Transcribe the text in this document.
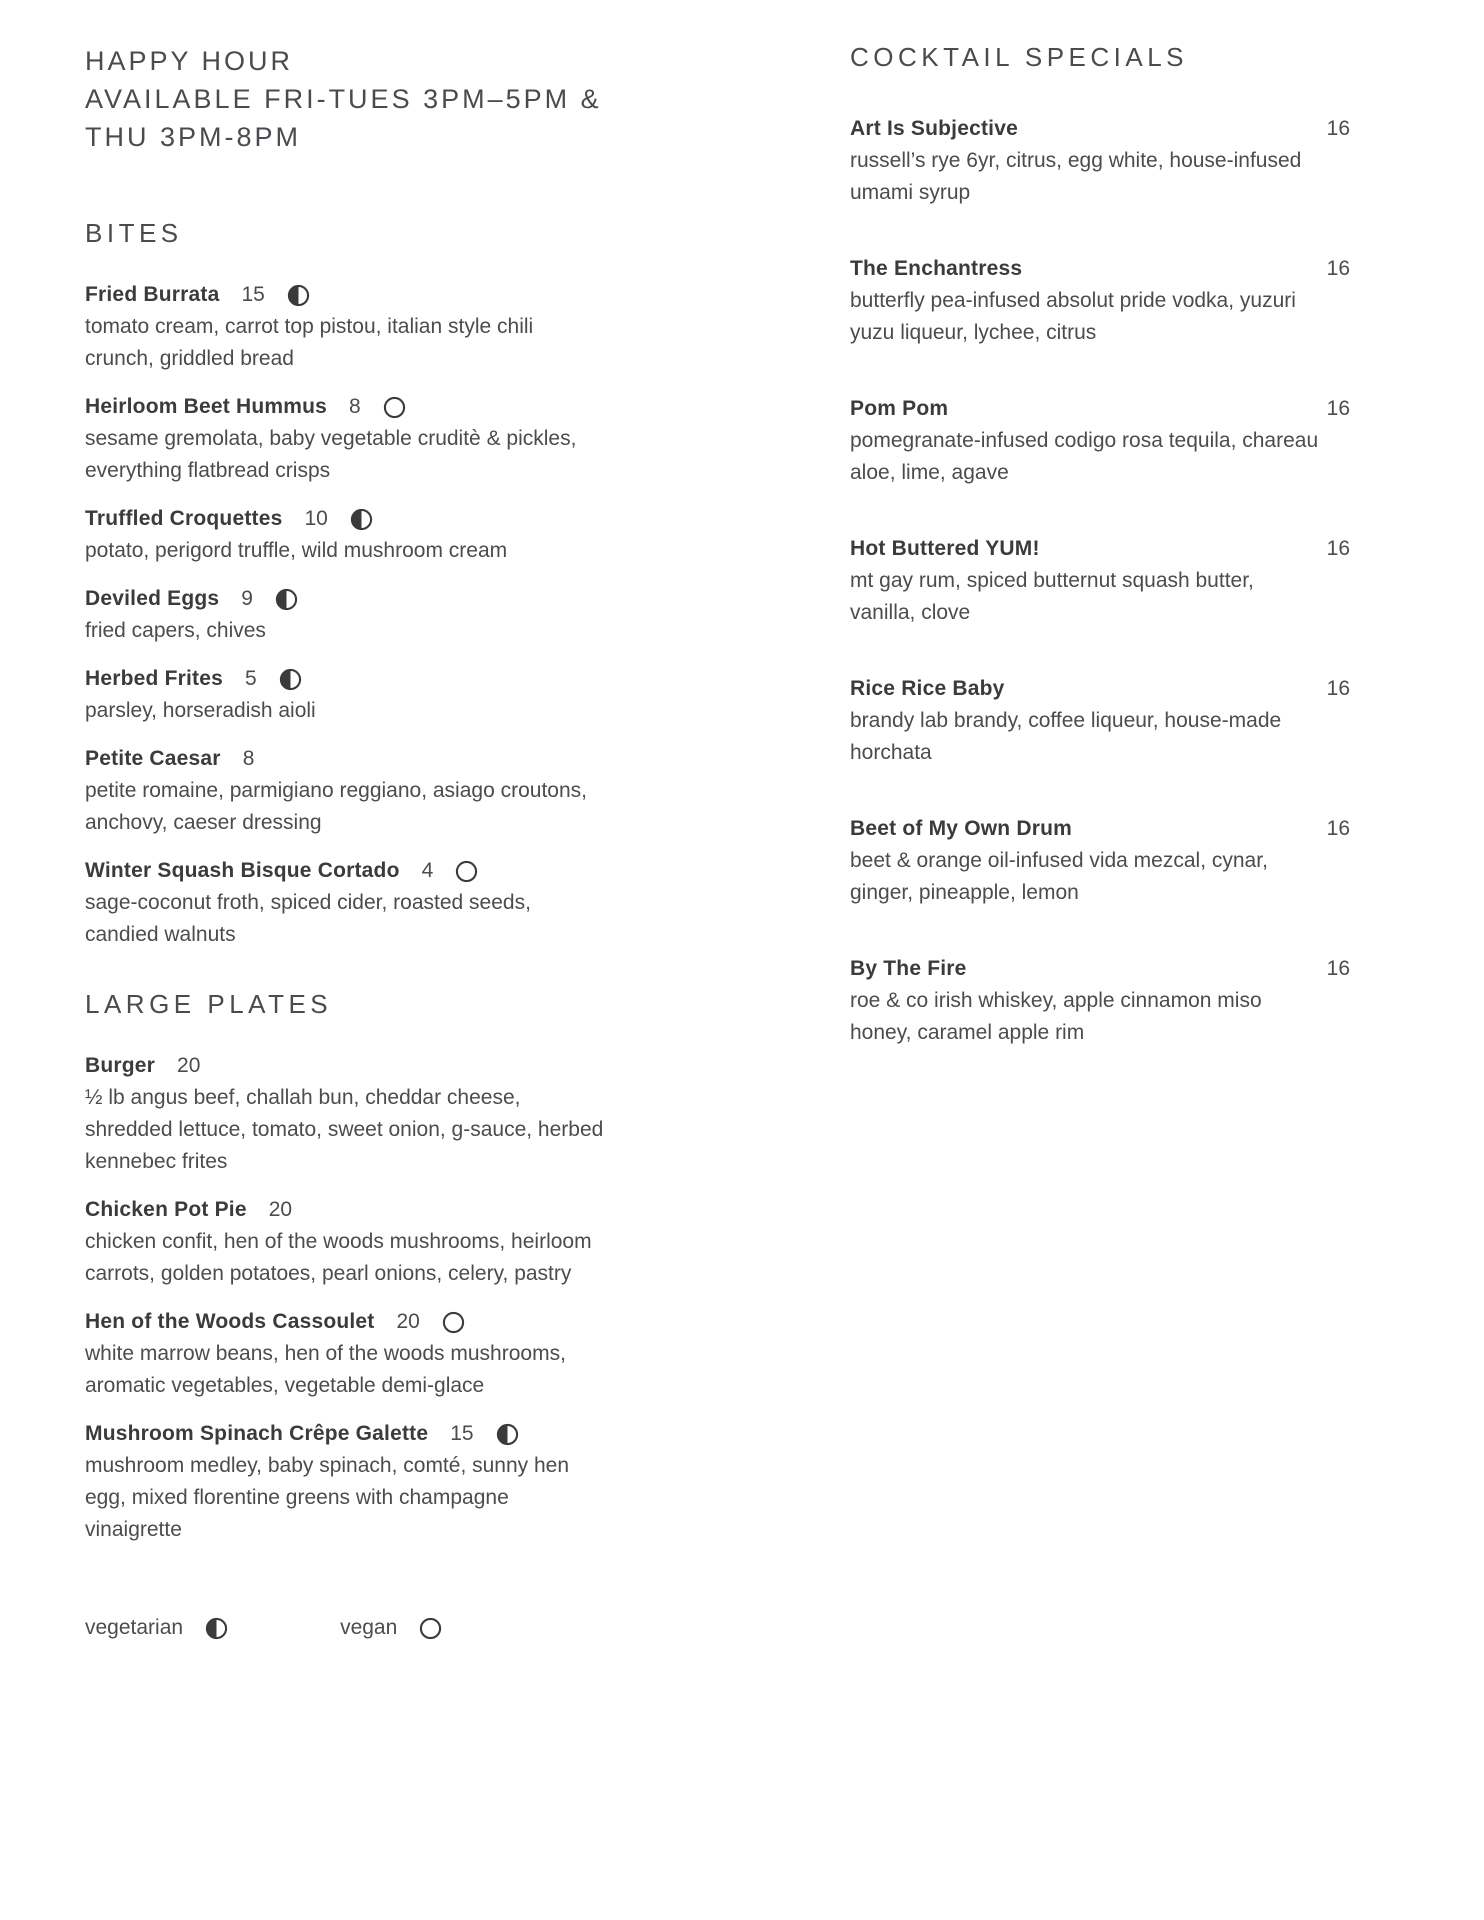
HAPPY HOUR
AVAILABLE FRI-TUES 3PM–5PM &
THU 3PM-8PM
BITES
Fried Burrata 15
tomato cream, carrot top pistou, italian style chili crunch, griddled bread
Heirloom Beet Hummus 8
sesame gremolata, baby vegetable cruditè & pickles, everything flatbread crisps
Truffled Croquettes 10
potato, perigord truffle, wild mushroom cream
Deviled Eggs 9
fried capers, chives
Herbed Frites 5
parsley, horseradish aioli
Petite Caesar 8
petite romaine, parmigiano reggiano, asiago croutons, anchovy, caeser dressing
Winter Squash Bisque Cortado 4
sage-coconut froth, spiced cider, roasted seeds, candied walnuts
LARGE PLATES
Burger 20
½ lb angus beef, challah bun, cheddar cheese, shredded lettuce, tomato, sweet onion, g-sauce, herbed kennebec frites
Chicken Pot Pie 20
chicken confit, hen of the woods mushrooms, heirloom carrots, golden potatoes, pearl onions, celery, pastry
Hen of the Woods Cassoulet 20
white marrow beans, hen of the woods mushrooms, aromatic vegetables, vegetable demi-glace
Mushroom Spinach Crêpe Galette 15
mushroom medley, baby spinach, comté, sunny hen egg, mixed florentine greens with champagne vinaigrette
vegetarian	vegan
COCKTAIL SPECIALS
Art Is Subjective	16
russell’s rye 6yr, citrus, egg white, house-infused umami syrup
The Enchantress	16
butterfly pea-infused absolut pride vodka, yuzuri yuzu liqueur, lychee, citrus
Pom Pom	16
pomegranate-infused codigo rosa tequila, chareau aloe, lime, agave
Hot Buttered YUM!	16
mt gay rum, spiced butternut squash butter, vanilla, clove
Rice Rice Baby	16
brandy lab brandy, coffee liqueur, house-made horchata
Beet of My Own Drum	16
beet & orange oil-infused vida mezcal, cynar, ginger, pineapple, lemon
By The Fire	16
roe & co irish whiskey, apple cinnamon miso honey, caramel apple rim
